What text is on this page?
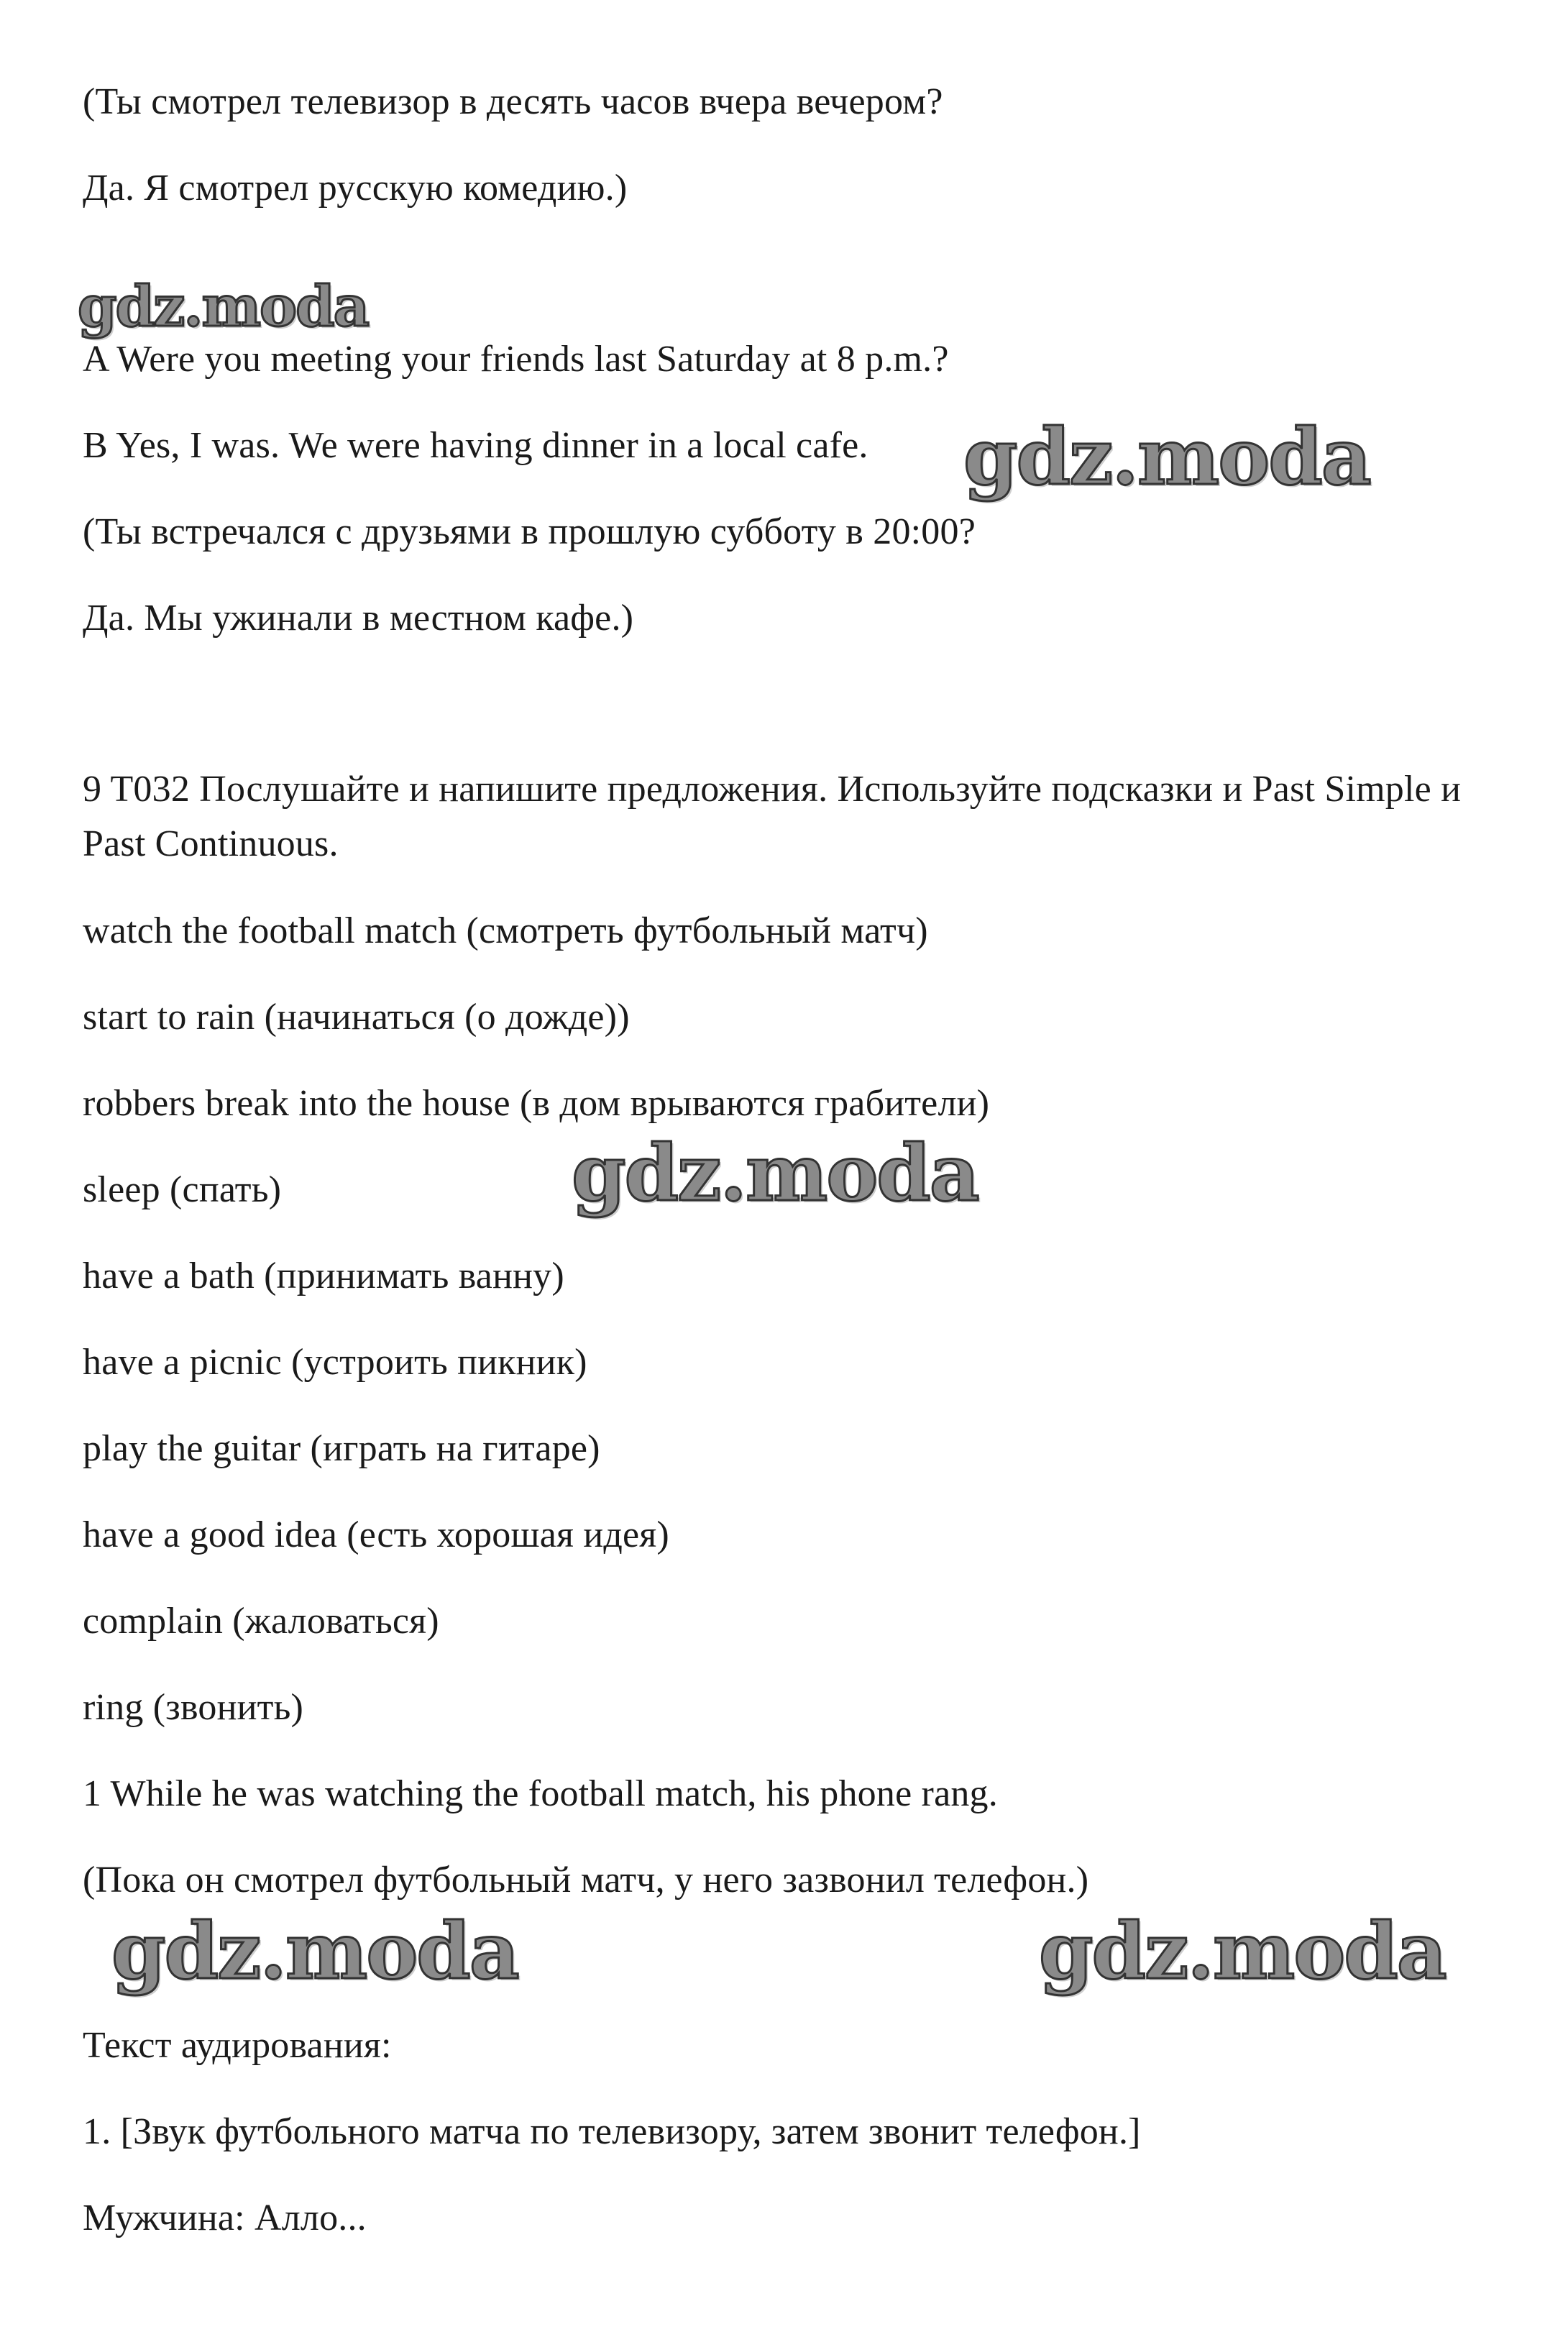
(Ты смотрел телевизор в десять часов вчера вечером?
Да. Я смотрел русскую комедию.)
gdz.moda
A Were you meeting your friends last Saturday at 8 p.m.?
B Yes, I was. We were having dinner in a local cafe. gdz.moda
(Ты встречался с друзьями в прошлую субботу в 20:00?
Да. Мы ужинали в местном кафе.)
9 T032 Послушайте и напишите предложения. Используйте подсказки и Past Simple и Past Continuous.
watch the football match (смотреть футбольный матч)
start to rain (начинаться (о дожде))
robbers break into the house (в дом врываются грабители)
sleep (спать)	gdz.moda
have a bath (принимать ванну)
have a picnic (устроить пикник)
play the guitar (играть на гитаре)
have a good idea (есть хорошая идея)
complain (жаловаться)
ring (звонить)
1 While he was watching the football match, his phone rang.
(Пока он смотрел футбольный матч, у него зазвонил телефон.)
gdz.moda	gdz.moda
Текст аудирования:
1. [Звук футбольного матча по телевизору, затем звонит телефон.]
Мужчина: Алло...
